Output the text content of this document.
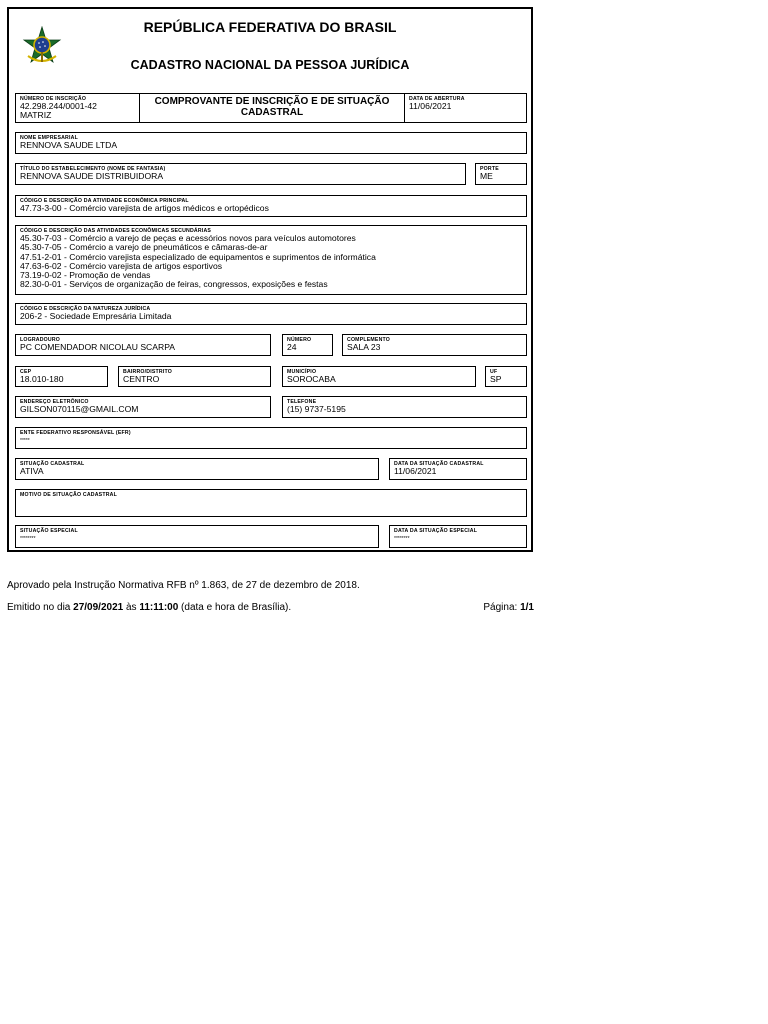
REPÚBLICA FEDERATIVA DO BRASIL
CADASTRO NACIONAL DA PESSOA JURÍDICA
NÚMERO DE INSCRIÇÃO
42.298.244/0001-42
MATRIZ
COMPROVANTE DE INSCRIÇÃO E DE SITUAÇÃO
CADASTRAL
DATA DE ABERTURA
11/06/2021
NOME EMPRESARIAL
RENNOVA SAUDE LTDA
TÍTULO DO ESTABELECIMENTO (NOME DE FANTASIA)
RENNOVA SAUDE DISTRIBUIDORA
PORTE
ME
CÓDIGO E DESCRIÇÃO DA ATIVIDADE ECONÔMICA PRINCIPAL
47.73-3-00 - Comércio varejista de artigos médicos e ortopédicos
CÓDIGO E DESCRIÇÃO DAS ATIVIDADES ECONÔMICAS SECUNDÁRIAS
45.30-7-03 - Comércio a varejo de peças e acessórios novos para veículos automotores
45.30-7-05 - Comércio a varejo de pneumáticos e câmaras-de-ar
47.51-2-01 - Comércio varejista especializado de equipamentos e suprimentos de informática
47.63-6-02 - Comércio varejista de artigos esportivos
73.19-0-02 - Promoção de vendas
82.30-0-01 - Serviços de organização de feiras, congressos, exposições e festas
CÓDIGO E DESCRIÇÃO DA NATUREZA JURÍDICA
206-2 - Sociedade Empresária Limitada
LOGRADOURO
PC COMENDADOR NICOLAU SCARPA
NÚMERO
24
COMPLEMENTO
SALA 23
CEP
18.010-180
BAIRRO/DISTRITO
CENTRO
MUNICÍPIO
SOROCABA
UF
SP
ENDEREÇO ELETRÔNICO
GILSON070115@GMAIL.COM
TELEFONE
(15) 9737-5195
ENTE FEDERATIVO RESPONSÁVEL (EFR)
*****
SITUAÇÃO CADASTRAL
ATIVA
DATA DA SITUAÇÃO CADASTRAL
11/06/2021
MOTIVO DE SITUAÇÃO CADASTRAL
SITUAÇÃO ESPECIAL
********
DATA DA SITUAÇÃO ESPECIAL
********
Aprovado pela Instrução Normativa RFB nº 1.863, de 27 de dezembro de 2018.
Emitido no dia 27/09/2021 às 11:11:00 (data e hora de Brasília).	Página: 1/1
